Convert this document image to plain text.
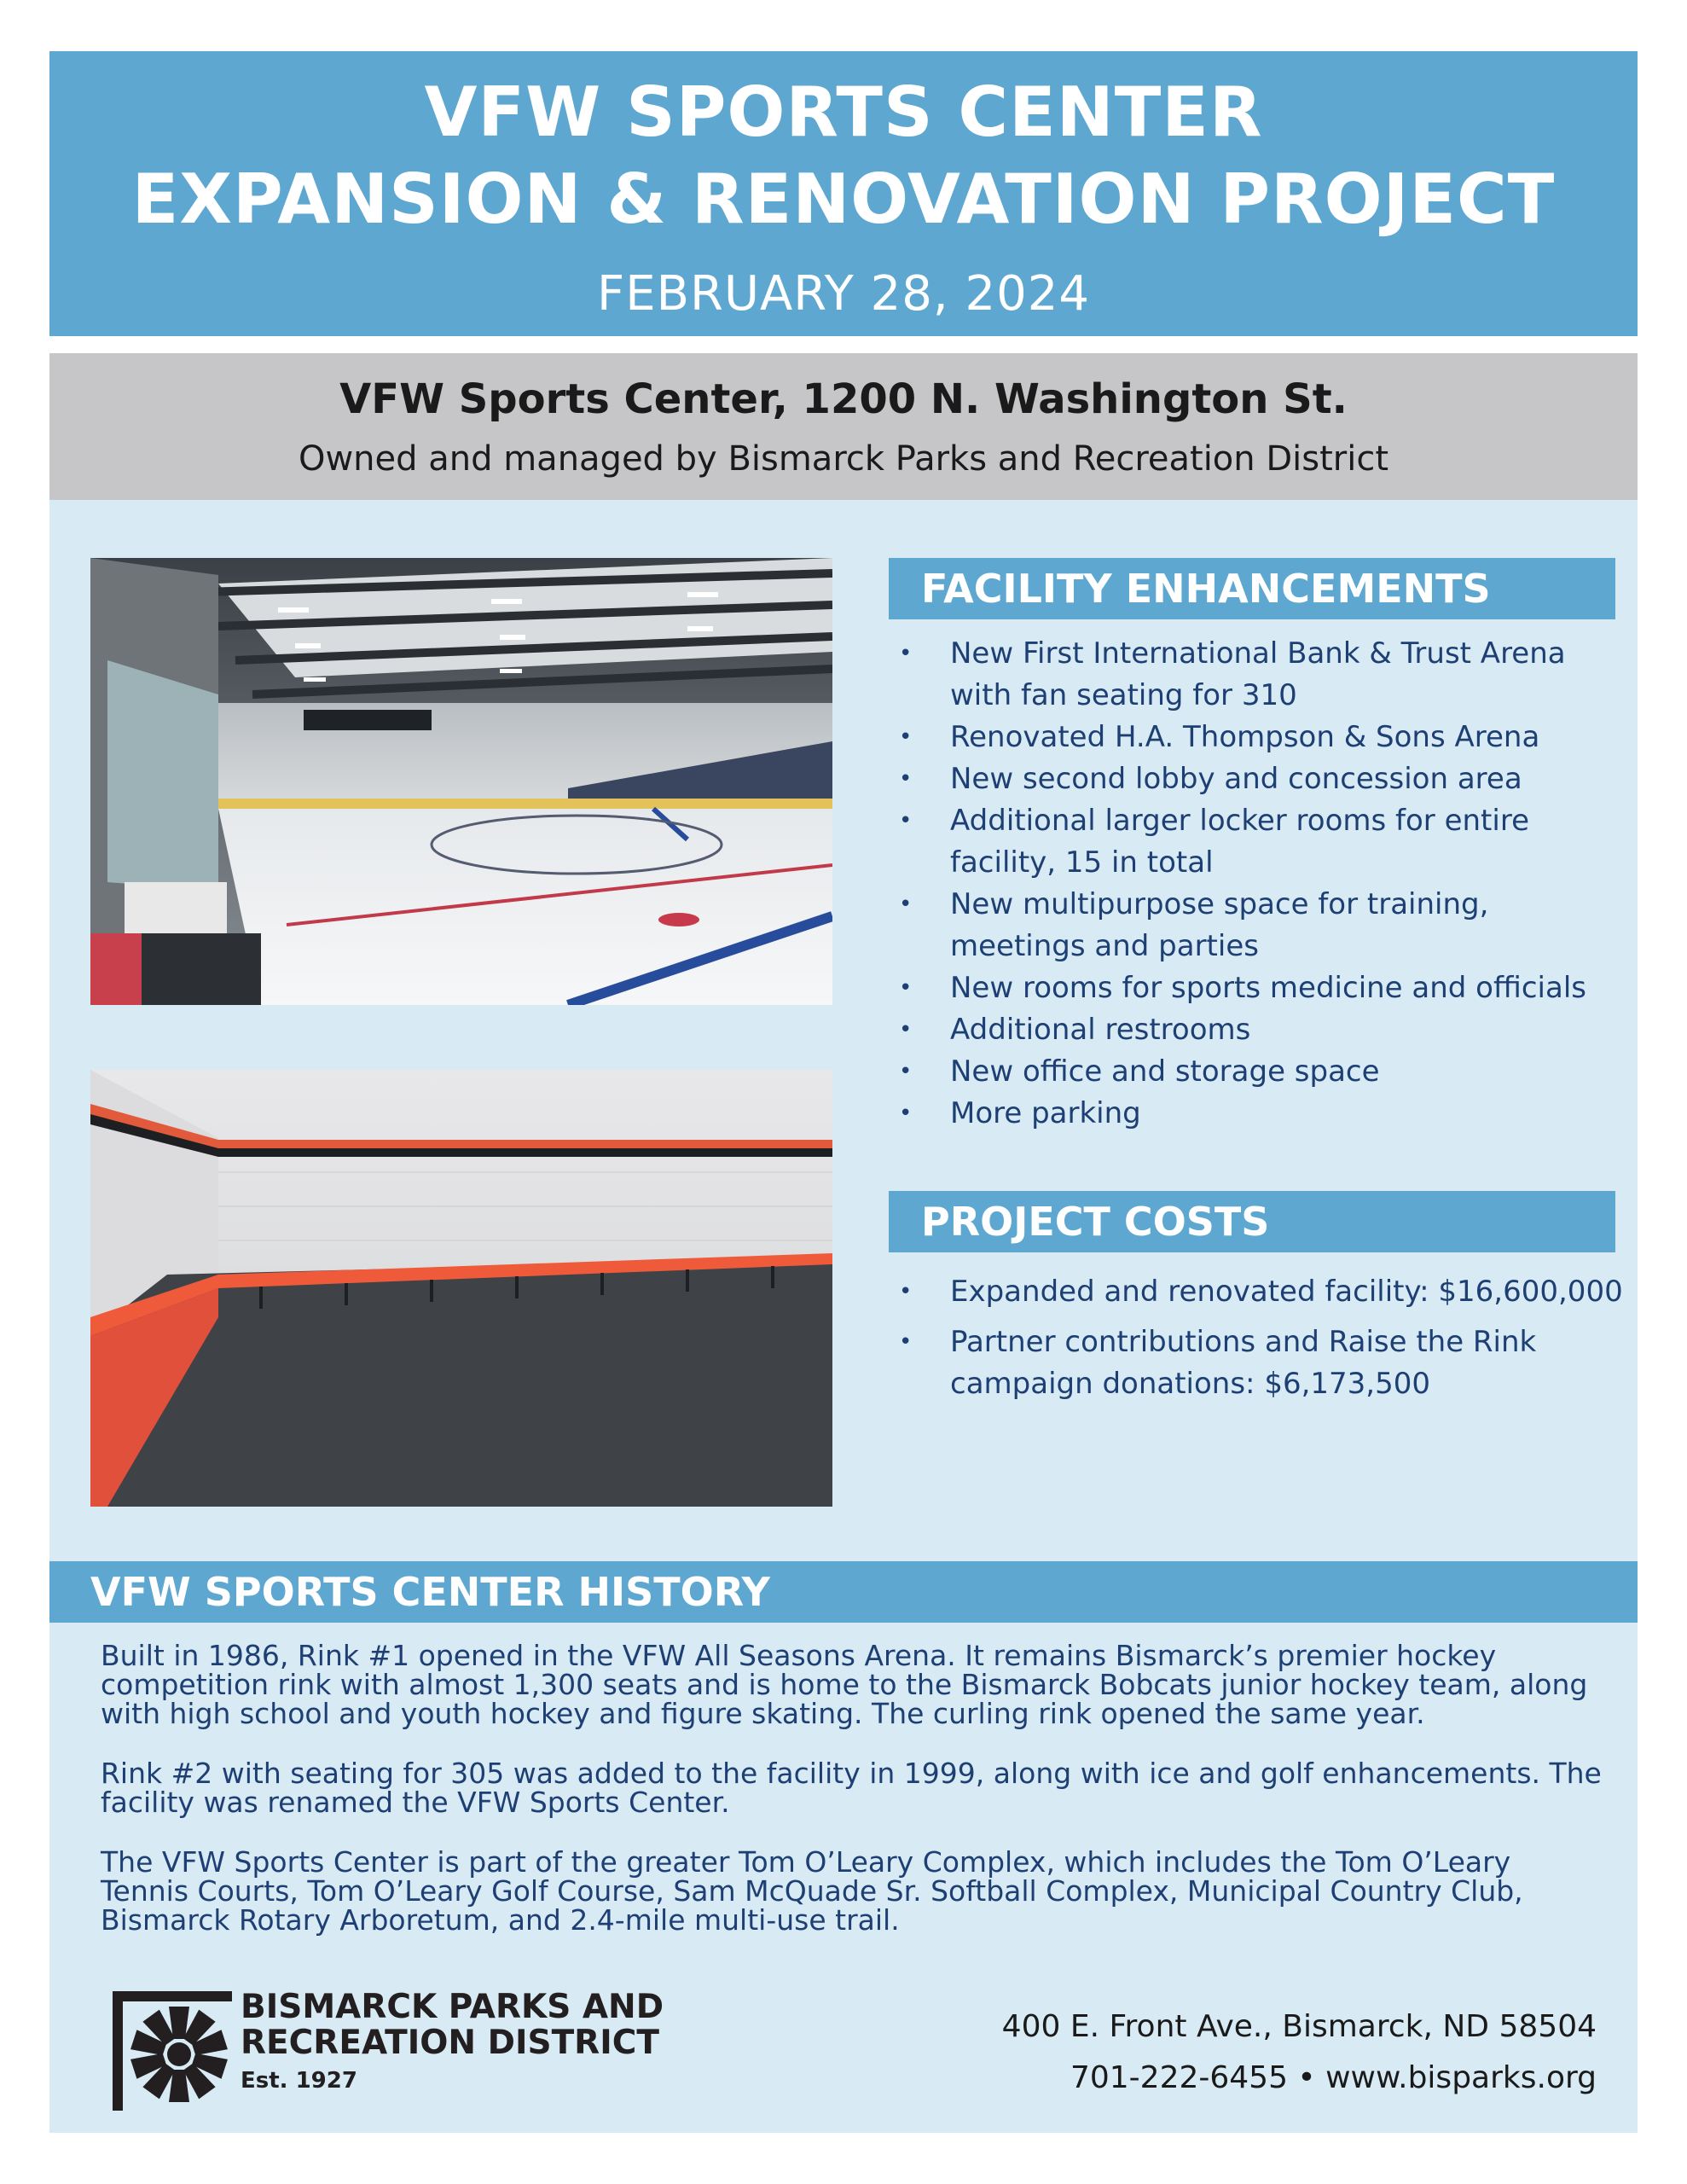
VFW SPORTS CENTER
EXPANSION & RENOVATION PROJECT
FEBRUARY 28, 2024
VFW Sports Center, 1200 N. Washington St.
Owned and managed by Bismarck Parks and Recreation District
FACILITY ENHANCEMENTS
• New First International Bank & Trust Arena with fan seating for 310
• Renovated H.A. Thompson & Sons Arena
• New second lobby and concession area
• Additional larger locker rooms for entire facility, 15 in total
• New multipurpose space for training, meetings and parties
• New rooms for sports medicine and officials
• Additional restrooms
• New office and storage space
• More parking
PROJECT COSTS
• Expanded and renovated facility: $16,600,000
• Partner contributions and Raise the Rink campaign donations: $6,173,500
VFW SPORTS CENTER HISTORY

Built in 1986, Rink #1 opened in the VFW All Seasons Arena. It remains Bismarck’s premier hockey competition rink with almost 1,300 seats and is home to the Bismarck Bobcats junior hockey team, along with high school and youth hockey and figure skating. The curling rink opened the same year.

Rink #2 with seating for 305 was added to the facility in 1999, along with ice and golf enhancements. The facility was renamed the VFW Sports Center.

The VFW Sports Center is part of the greater Tom O’Leary Complex, which includes the Tom O’Leary Tennis Courts, Tom O’Leary Golf Course, Sam McQuade Sr. Softball Complex, Municipal Country Club, Bismarck Rotary Arboretum, and 2.4-mile multi-use trail.

BISMARCK PARKS AND
RECREATION DISTRICT
Est. 1927
400 E. Front Ave., Bismarck, ND 58504
701-222-6455 • www.bisparks.org
